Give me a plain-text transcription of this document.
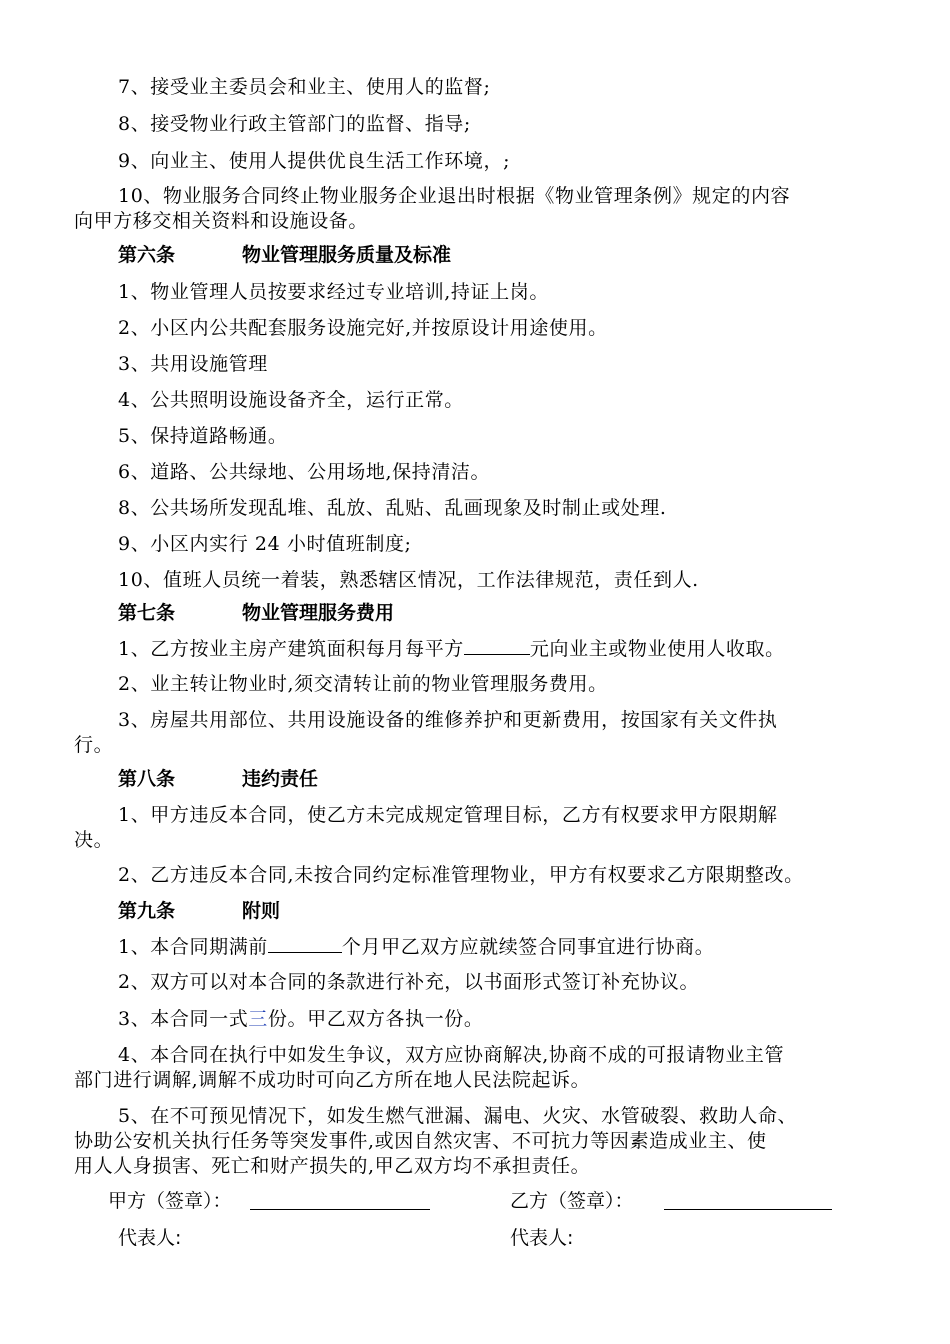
7、接受业主委员会和业主、使用人的监督;
8、接受物业行政主管部门的监督、指导;
9、向业主、使用人提供优良生活工作环境，;
10、物业服务合同终止物业服务企业退出时根据《物业管理条例》规定的内容
向甲方移交相关资料和设施设备。
第六条	物业管理服务质量及标准
1、物业管理人员按要求经过专业培训,持证上岗。
2、小区内公共配套服务设施完好,并按原设计用途使用。
3、共用设施管理
4、公共照明设施设备齐全，运行正常。
5、保持道路畅通。
6、道路、公共绿地、公用场地,保持清洁。
8、公共场所发现乱堆、乱放、乱贴、乱画现象及时制止或处理.
9、小区内实行 24 小时值班制度;
10、值班人员统一着装，熟悉辖区情况，工作法律规范，责任到人.
第七条	物业管理服务费用
1、乙方按业主房产建筑面积每月每平方	元向业主或物业使用人收取。
2、业主转让物业时,须交清转让前的物业管理服务费用。
3、房屋共用部位、共用设施设备的维修养护和更新费用，按国家有关文件执
行。
第八条	违约责任
1、甲方违反本合同，使乙方未完成规定管理目标，乙方有权要求甲方限期解
决。
2、乙方违反本合同,未按合同约定标准管理物业，甲方有权要求乙方限期整改。
第九条	附则
1、本合同期满前	个月甲乙双方应就续签合同事宜进行协商。
2、双方可以对本合同的条款进行补充，以书面形式签订补充协议。
3、本合同一式三份。甲乙双方各执一份。
4、本合同在执行中如发生争议，双方应协商解决,协商不成的可报请物业主管
部门进行调解,调解不成功时可向乙方所在地人民法院起诉。
5、在不可预见情况下，如发生燃气泄漏、漏电、火灾、水管破裂、救助人命、
协助公安机关执行任务等突发事件,或因自然灾害、不可抗力等因素造成业主、使
用人人身损害、死亡和财产损失的,甲乙双方均不承担责任。
甲方（签章）：	乙方（签章）：
代表人:	代表人:
